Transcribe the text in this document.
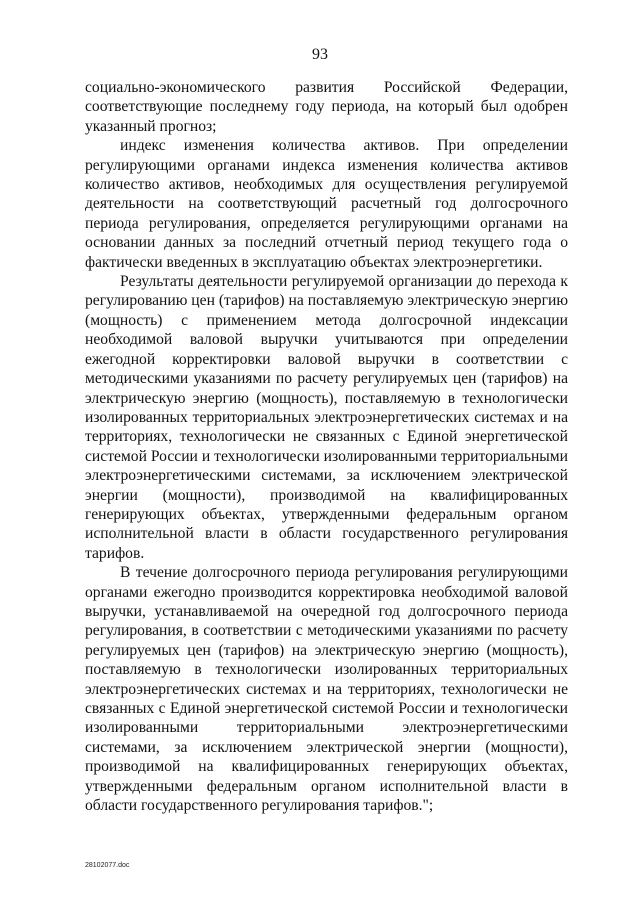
93

социально-экономического развития Российской Федерации, соответствующие последнему году периода, на который был одобрен указанный прогноз;

индекс изменения количества активов. При определении регулирующими органами индекса изменения количества активов количество активов, необходимых для осуществления регулируемой деятельности на соответствующий расчетный год долгосрочного периода регулирования, определяется регулирующими органами на основании данных за последний отчетный период текущего года о фактически введенных в эксплуатацию объектах электроэнергетики.

Результаты деятельности регулируемой организации до перехода к регулированию цен (тарифов) на поставляемую электрическую энергию (мощность) с применением метода долгосрочной индексации необходимой валовой выручки учитываются при определении ежегодной корректировки валовой выручки в соответствии с методическими указаниями по расчету регулируемых цен (тарифов) на электрическую энергию (мощность), поставляемую в технологически изолированных территориальных электроэнергетических системах и на территориях, технологически не связанных с Единой энергетической системой России и технологически изолированными территориальными электроэнергетическими системами, за исключением электрической энергии (мощности), производимой на квалифицированных генерирующих объектах, утвержденными федеральным органом исполнительной власти в области государственного регулирования тарифов.

В течение долгосрочного периода регулирования регулирующими органами ежегодно производится корректировка необходимой валовой выручки, устанавливаемой на очередной год долгосрочного периода регулирования, в соответствии с методическими указаниями по расчету регулируемых цен (тарифов) на электрическую энергию (мощность), поставляемую в технологически изолированных территориальных электроэнергетических системах и на территориях, технологически не связанных с Единой энергетической системой России и технологически изолированными территориальными электроэнергетическими системами, за исключением электрической энергии (мощности), производимой на квалифицированных генерирующих объектах, утвержденными федеральным органом исполнительной власти в области государственного регулирования тарифов.";

28102077.doc
